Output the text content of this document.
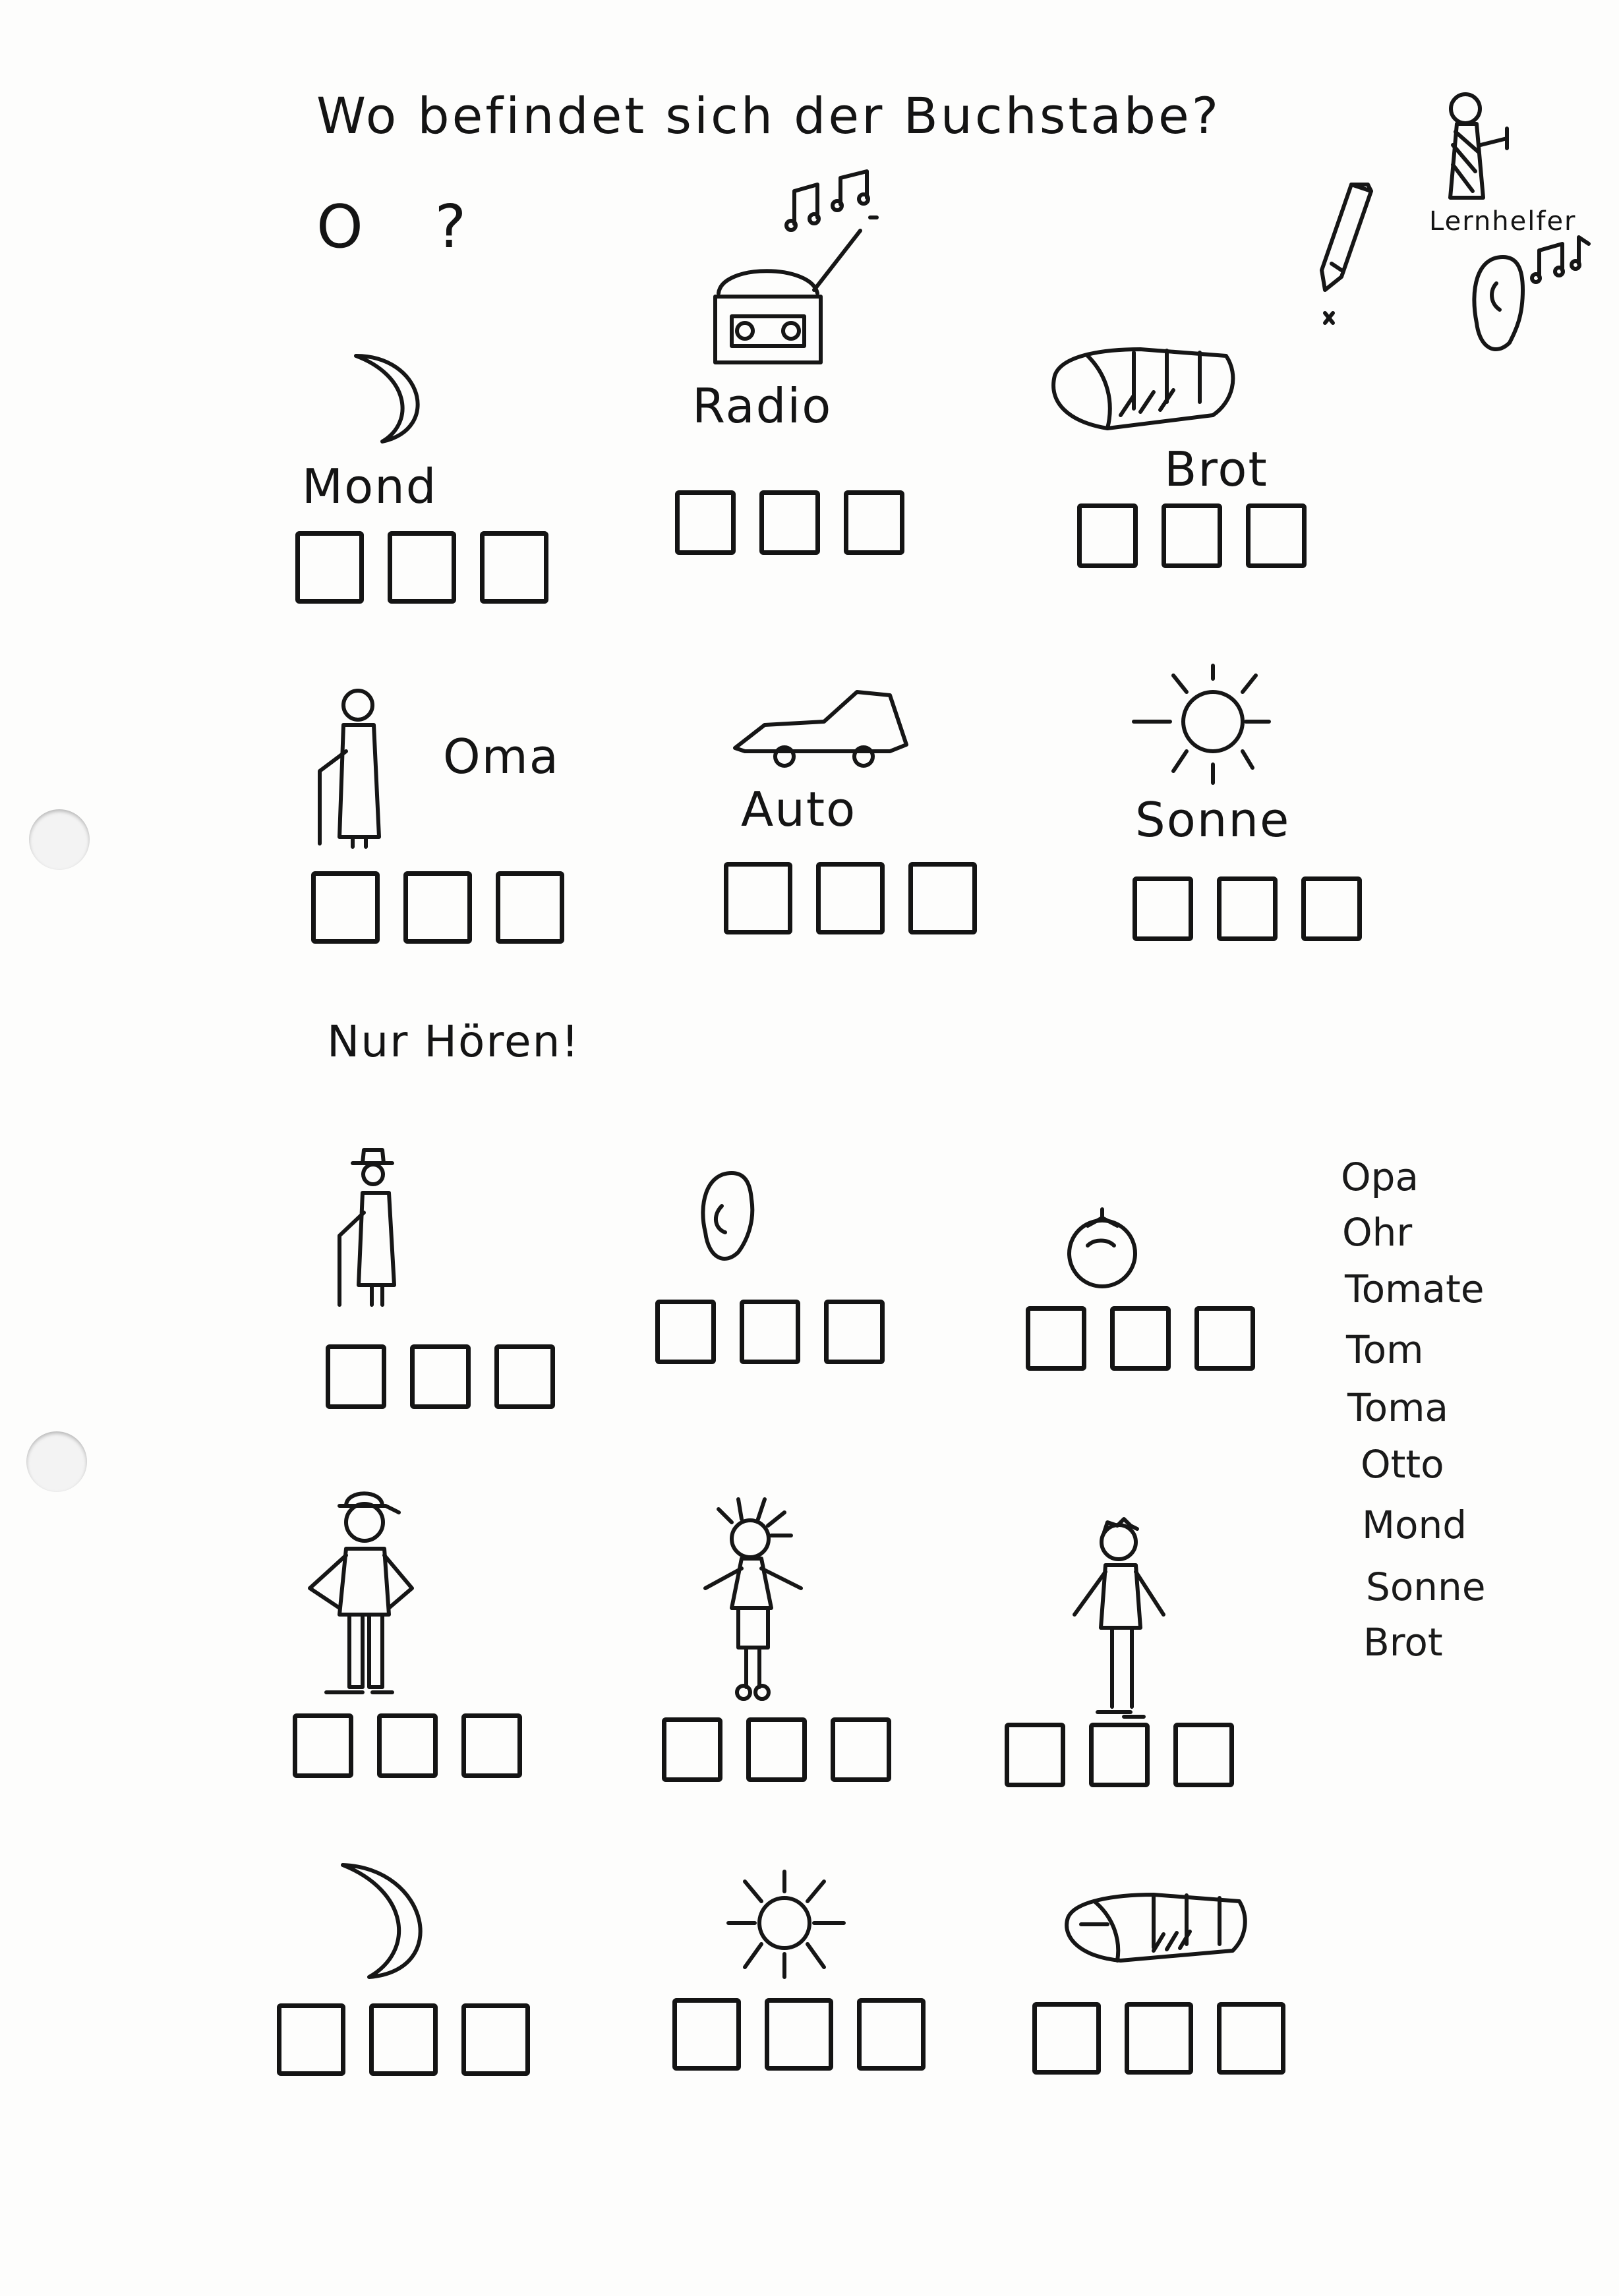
Wo befindet sich der Buchstabe?
O ?	Lernhelfer
Mond
Radio
Brot
Oma
Auto	Sonne
Nur Hören!
Opa
Ohr
Tomate
Tom
Toma
Otto
Mond
Sonne
Brot
